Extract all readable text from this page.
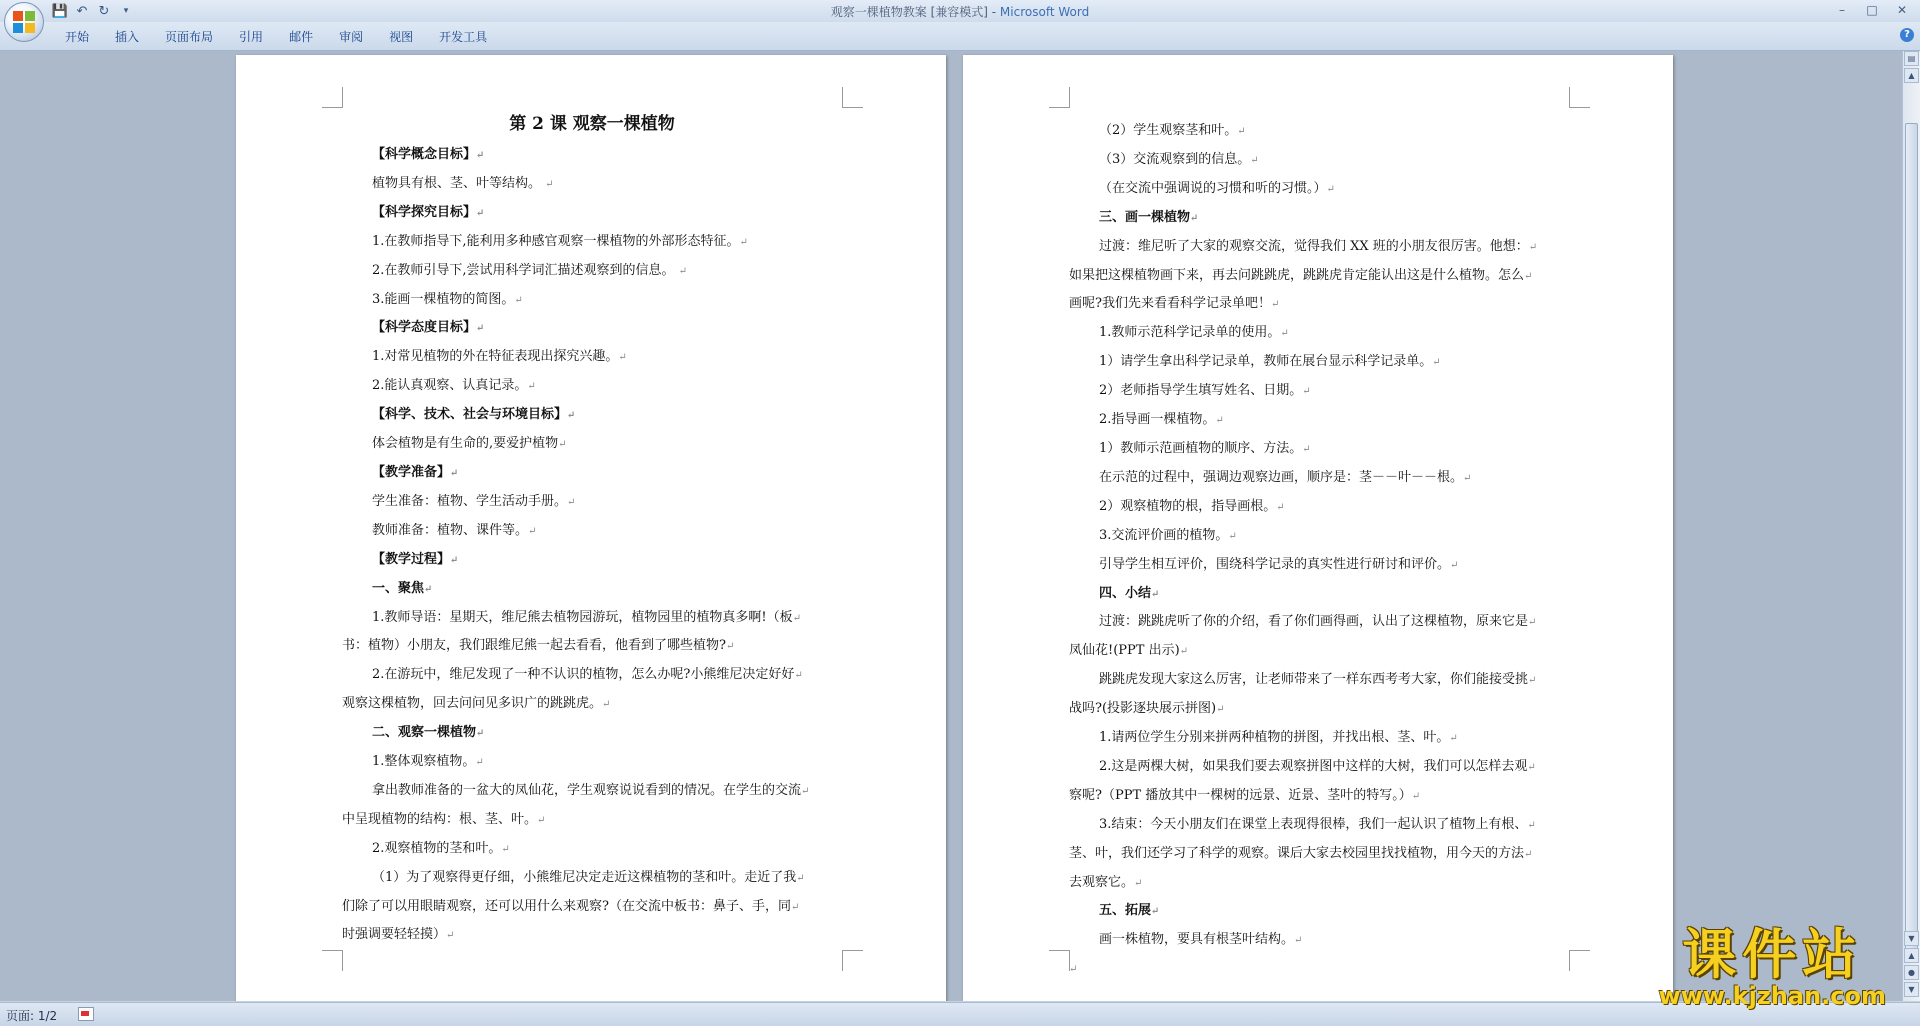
💾 ↶ ↻	▾	观察一棵植物教案 [兼容模式] - Microsoft Word	–	□	✕
开始	插入	页面布局	引用	邮件	审阅	视图	开发工具	?
第 2 课 观察一棵植物
【科学概念目标】↵
植物具有根、茎、叶等结构。 ↵
【科学探究目标】↵
1.在教师指导下,能利用多种感官观察一棵植物的外部形态特征。↵
2.在教师引导下,尝试用科学词汇描述观察到的信息。 ↵
3.能画一棵植物的简图。↵
【科学态度目标】↵
1.对常见植物的外在特征表现出探究兴趣。↵
2.能认真观察、认真记录。↵
【科学、技术、社会与环境目标】↵
体会植物是有生命的,要爱护植物↵
【教学准备】↵
学生准备：植物、学生活动手册。↵
教师准备：植物、课件等。↵
【教学过程】↵
一、聚焦↵
1.教师导语：星期天，维尼熊去植物园游玩，植物园里的植物真多啊!（板↵
书：植物）小朋友，我们跟维尼熊一起去看看，他看到了哪些植物?↵
2.在游玩中，维尼发现了一种不认识的植物，怎么办呢?小熊维尼决定好好↵
观察这棵植物，回去问问见多识广的跳跳虎。↵
二、观察一棵植物↵
1.整体观察植物。↵
拿出教师准备的一盆大的凤仙花，学生观察说说看到的情况。在学生的交流↵
中呈现植物的结构：根、茎、叶。↵
2.观察植物的茎和叶。↵
（1）为了观察得更仔细，小熊维尼决定走近这棵植物的茎和叶。走近了我↵
们除了可以用眼睛观察，还可以用什么来观察?（在交流中板书：鼻子、手，同↵
时强调要轻轻摸）↵
（2）学生观察茎和叶。↵
（3）交流观察到的信息。↵
（在交流中强调说的习惯和听的习惯。）↵
三、画一棵植物↵
过渡：维尼听了大家的观察交流，觉得我们 XX 班的小朋友很厉害。他想：↵
如果把这棵植物画下来，再去问跳跳虎，跳跳虎肯定能认出这是什么植物。怎么↵
画呢?我们先来看看科学记录单吧！↵
1.教师示范科学记录单的使用。↵
1）请学生拿出科学记录单，教师在展台显示科学记录单。↵
2）老师指导学生填写姓名、日期。↵
2.指导画一棵植物。↵
1）教师示范画植物的顺序、方法。↵
在示范的过程中，强调边观察边画，顺序是：茎－－叶－－根。↵
2）观察植物的根，指导画根。↵
3.交流评价画的植物。↵
引导学生相互评价，围绕科学记录的真实性进行研讨和评价。↵
四、小结↵
过渡：跳跳虎听了你的介绍，看了你们画得画，认出了这棵植物，原来它是↵
凤仙花!(PPT 出示)↵
跳跳虎发现大家这么厉害，让老师带来了一样东西考考大家，你们能接受挑↵
战吗?(投影逐块展示拼图)↵
1.请两位学生分别来拼两种植物的拼图，并找出根、茎、叶。↵
2.这是两棵大树，如果我们要去观察拼图中这样的大树，我们可以怎样去观↵
察呢?（PPT 播放其中一棵树的远景、近景、茎叶的特写。）↵
3.结束：今天小朋友们在课堂上表现得很棒，我们一起认识了植物上有根、↵
茎、叶，我们还学习了科学的观察。课后大家去校园里找找植物，用今天的方法↵
去观察它。↵
五、拓展↵
画一株植物，要具有根茎叶结构。↵
↵
▤
▲
▼
▲
●
▼
页面: 1/2
课件站
www.kjzhan.com
